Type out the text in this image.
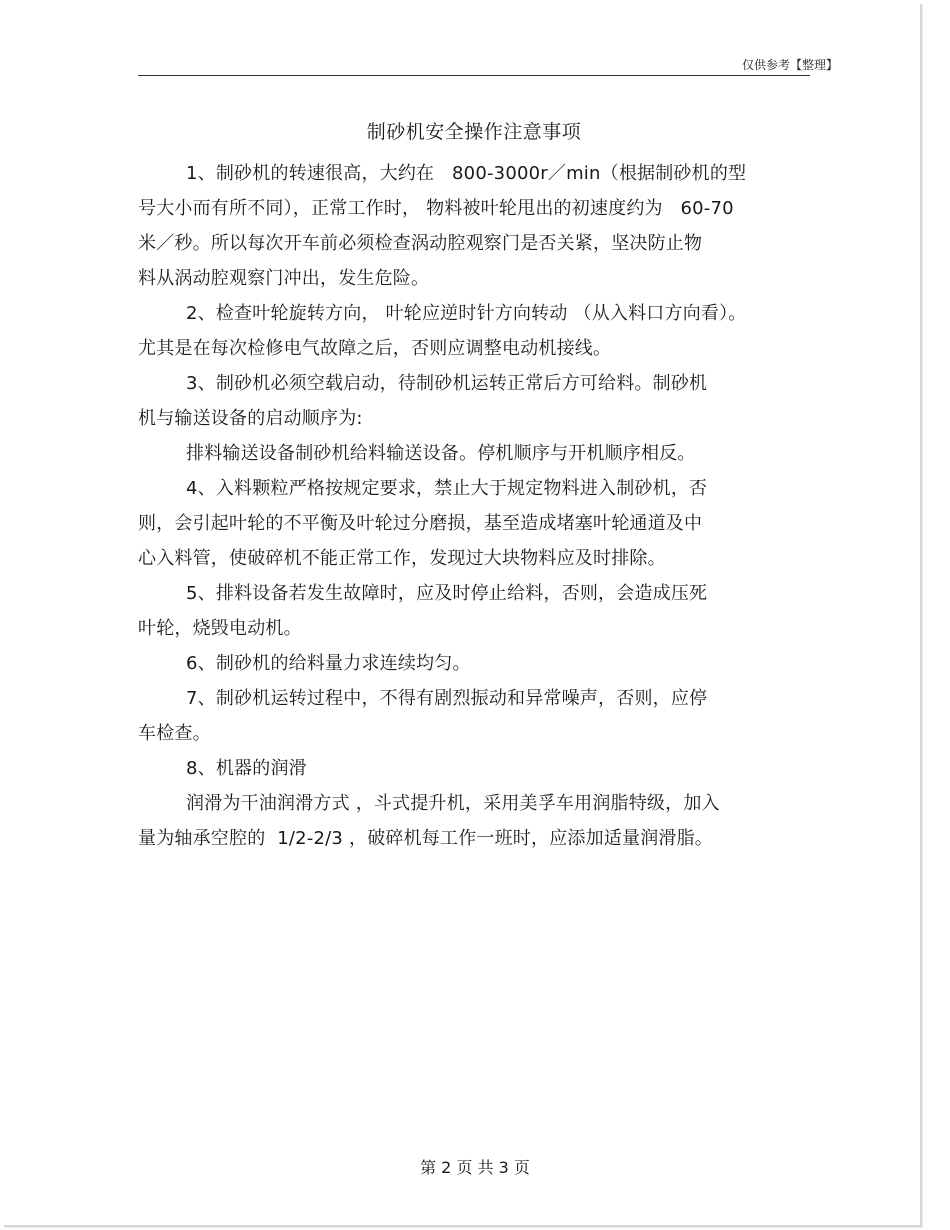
仅供参考【整理】
制砂机安全操作注意事项
1、制砂机的转速很高，大约在   800-3000r／min（根据制砂机的型
号大小而有所不同），正常工作时， 物料被叶轮甩出的初速度约为   60-70
米／秒。所以每次开车前必须检查涡动腔观察门是否关紧，坚决防止物
料从涡动腔观察门冲出，发生危险。
2、检查叶轮旋转方向， 叶轮应逆时针方向转动 （从入料口方向看）。
尤其是在每次检修电气故障之后，否则应调整电动机接线。
3、制砂机必须空载启动，待制砂机运转正常后方可给料。制砂机
机与输送设备的启动顺序为:
排料输送设备制砂机给料输送设备。停机顺序与开机顺序相反。
4、入料颗粒严格按规定要求，禁止大于规定物料进入制砂机，否
则，会引起叶轮的不平衡及叶轮过分磨损，基至造成堵塞叶轮通道及中
心入料管，使破碎机不能正常工作，发现过大块物料应及时排除。
5、排料设备若发生故障时，应及时停止给料，否则，会造成压死
叶轮，烧毁电动机。
6、制砂机的给料量力求连续均匀。
7、制砂机运转过程中，不得有剧烈振动和异常噪声，否则，应停
车检查。
8、机器的润滑
润滑为干油润滑方式 ，斗式提升机，采用美孚车用润脂特级，加入
量为轴承空腔的  1/2-2/3 ，破碎机每工作一班时，应添加适量润滑脂。
第 2 页 共 3 页
